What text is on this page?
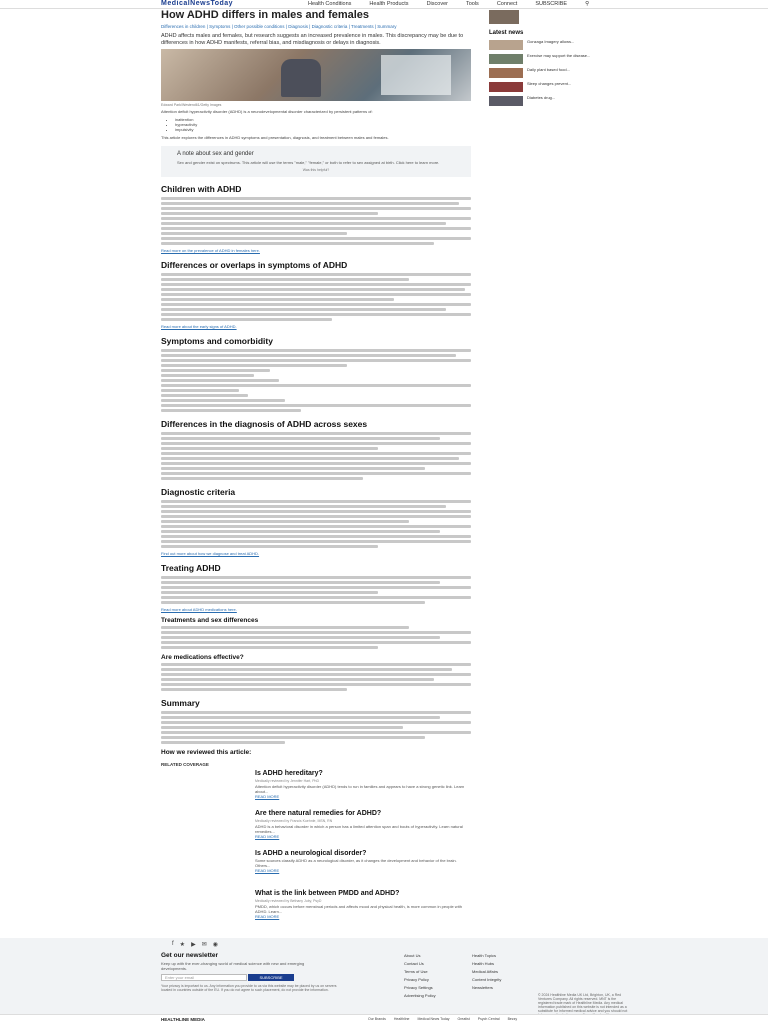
MedicalNewsToday	Health Conditions	Health Products	Discover	Tools	Connect	SUBSCRIBE	⚲
How ADHD differs in males and females
Differences in children | Symptoms | Other possible conditions | Diagnosis | Diagnostic criteria | Treatments | Summary
ADHD affects males and females, but research suggests an increased prevalence in males. This discrepancy may be due to differences in how ADHD manifests, referral bias, and misdiagnosis or delays in diagnosis.
Edward Park/Westend61/Getty Images

Attention deficit hyperactivity disorder (ADHD) is a neurodevelopmental disorder characterized by persistent patterns of:

• inattention
• hyperactivity
• impulsivity

This article explores the differences in ADHD symptoms and presentation, diagnosis, and treatment between males and females.

A note about sex and gender

Sex and gender exist on spectrums. This article will use the terms "male," "female," or both to refer to sex assigned at birth. Click here to learn more.

Was this helpful?
Children with ADHD
Read more on the prevalence of ADHD in females here.
Differences or overlaps in symptoms of ADHD
Read more about the early signs of ADHD.
Symptoms and comorbidity
Differences in the diagnosis of ADHD across sexes
Diagnostic criteria
Find out more about how we diagnose and treat ADHD.
Treating ADHD
Read more about ADHD medications here.
Treatments and sex differences
Are medications effective?
Summary
How we reviewed this article:
RELATED COVERAGE
Is ADHD hereditary?
Medically reviewed by Jennifer Hart, PhD
Attention deficit hyperactivity disorder (ADHD) tends to run in families and appears to have a strong genetic link. Learn about...
READ MORE
Are there natural remedies for ADHD?
Medically reviewed by Francis Kuehnle, MSN, RN
ADHD is a behavioral disorder in which a person has a limited attention span and bouts of hyperactivity. Learn natural remedies...
READ MORE
Is ADHD a neurological disorder?
Some sources classify ADHD as a neurological disorder, as it changes the development and behavior of the brain. Others...
READ MORE
What is the link between PMDD and ADHD?
Medically reviewed by Bethany Juby, PsyD
PMDD, which occurs before menstrual periods and affects mood and physical health, is more common in people with ADHD. Learn...
READ MORE

Latest news
Gonzaga Imagery allows...
Exercise may support the disease...
Daily plant based food...
Sleep changes prevent...
Diabetes drug...
f ★ ▶ ✉ ◉
Get our newsletter
Keep up with the ever-changing world of medical science with new and emerging developments.
Enter your email	SUBSCRIBE
Your privacy is important to us. Any information you provide to us via this website may be placed by us on servers located in countries outside of the EU. If you do not agree to such placement, do not provide the information.
About Us
Contact Us
Terms of Use
Privacy Policy
Privacy Settings
Advertising Policy
Health Topics
Health Hubs
Medical Affairs
Content Integrity
Newsletters
© 2024 Healthline Media UK Ltd, Brighton, UK, a Red Ventures Company. All rights reserved. MNT is the registered trade mark of Healthline Media. Any medical information published on this website is not intended as a substitute for informed medical advice and you should not
HEALTHLINE MEDIA	Our Brands Healthline Medical News Today Greatist Psych Central Bezzy
